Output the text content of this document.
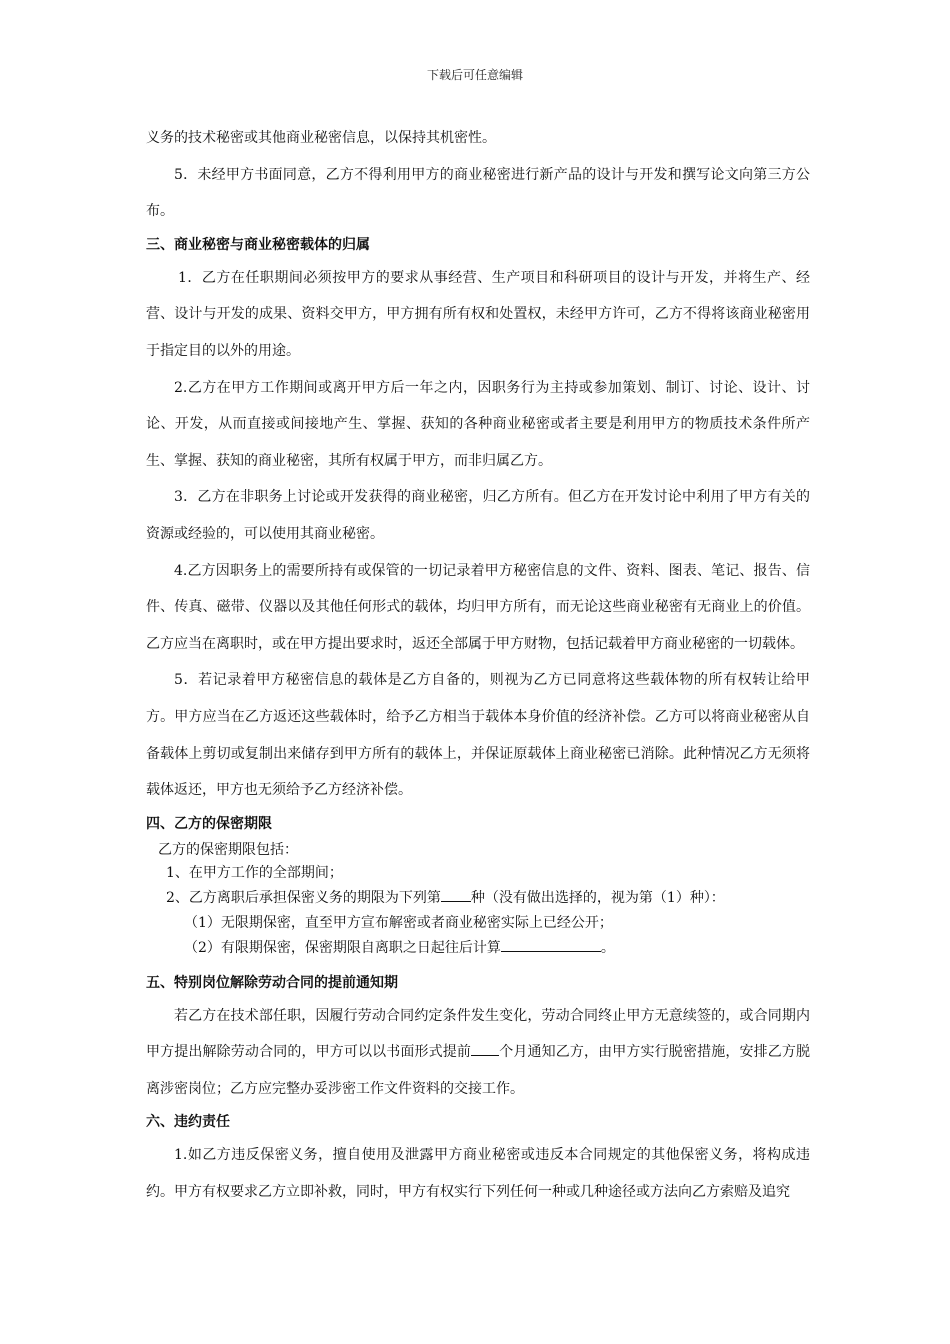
下载后可任意编辑

义务的技术秘密或其他商业秘密信息，以保持其机密性。

5．未经甲方书面同意，乙方不得利用甲方的商业秘密进行新产品的设计与开发和撰写论文向第三方公布。

三、商业秘密与商业秘密载体的归属

1．乙方在任职期间必须按甲方的要求从事经营、生产项目和科研项目的设计与开发，并将生产、经营、设计与开发的成果、资料交甲方，甲方拥有所有权和处置权，未经甲方许可，乙方不得将该商业秘密用于指定目的以外的用途。

2.乙方在甲方工作期间或离开甲方后一年之内，因职务行为主持或参加策划、制订、讨论、设计、讨论、开发，从而直接或间接地产生、掌握、获知的各种商业秘密或者主要是利用甲方的物质技术条件所产生、掌握、获知的商业秘密，其所有权属于甲方，而非归属乙方。

3．乙方在非职务上讨论或开发获得的商业秘密，归乙方所有。但乙方在开发讨论中利用了甲方有关的资源或经验的，可以使用其商业秘密。

4.乙方因职务上的需要所持有或保管的一切记录着甲方秘密信息的文件、资料、图表、笔记、报告、信件、传真、磁带、仪器以及其他任何形式的载体，均归甲方所有，而无论这些商业秘密有无商业上的价值。乙方应当在离职时，或在甲方提出要求时，返还全部属于甲方财物，包括记载着甲方商业秘密的一切载体。

5．若记录着甲方秘密信息的载体是乙方自备的，则视为乙方已同意将这些载体物的所有权转让给甲方。甲方应当在乙方返还这些载体时，给予乙方相当于载体本身价值的经济补偿。乙方可以将商业秘密从自备载体上剪切或复制出来储存到甲方所有的载体上，并保证原载体上商业秘密已消除。此种情况乙方无须将载体返还，甲方也无须给予乙方经济补偿。

四、乙方的保密期限

乙方的保密期限包括：

1、在甲方工作的全部期间；

2、乙方离职后承担保密义务的期限为下列第 种（没有做出选择的，视为第（1）种）：

（1）无限期保密，直至甲方宣布解密或者商业秘密实际上已经公开；

（2）有限期保密，保密期限自离职之日起往后计算	。

五、特别岗位解除劳动合同的提前通知期

若乙方在技术部任职，因履行劳动合同约定条件发生变化，劳动合同终止甲方无意续签的，或合同期内甲方提出解除劳动合同的，甲方可以以书面形式提前 个月通知乙方，由甲方实行脱密措施，安排乙方脱离涉密岗位；乙方应完整办妥涉密工作文件资料的交接工作。

六、违约责任

1.如乙方违反保密义务，擅自使用及泄露甲方商业秘密或违反本合同规定的其他保密义务，将构成违约。甲方有权要求乙方立即补救，同时，甲方有权实行下列任何一种或几种途径或方法向乙方索赔及追究
